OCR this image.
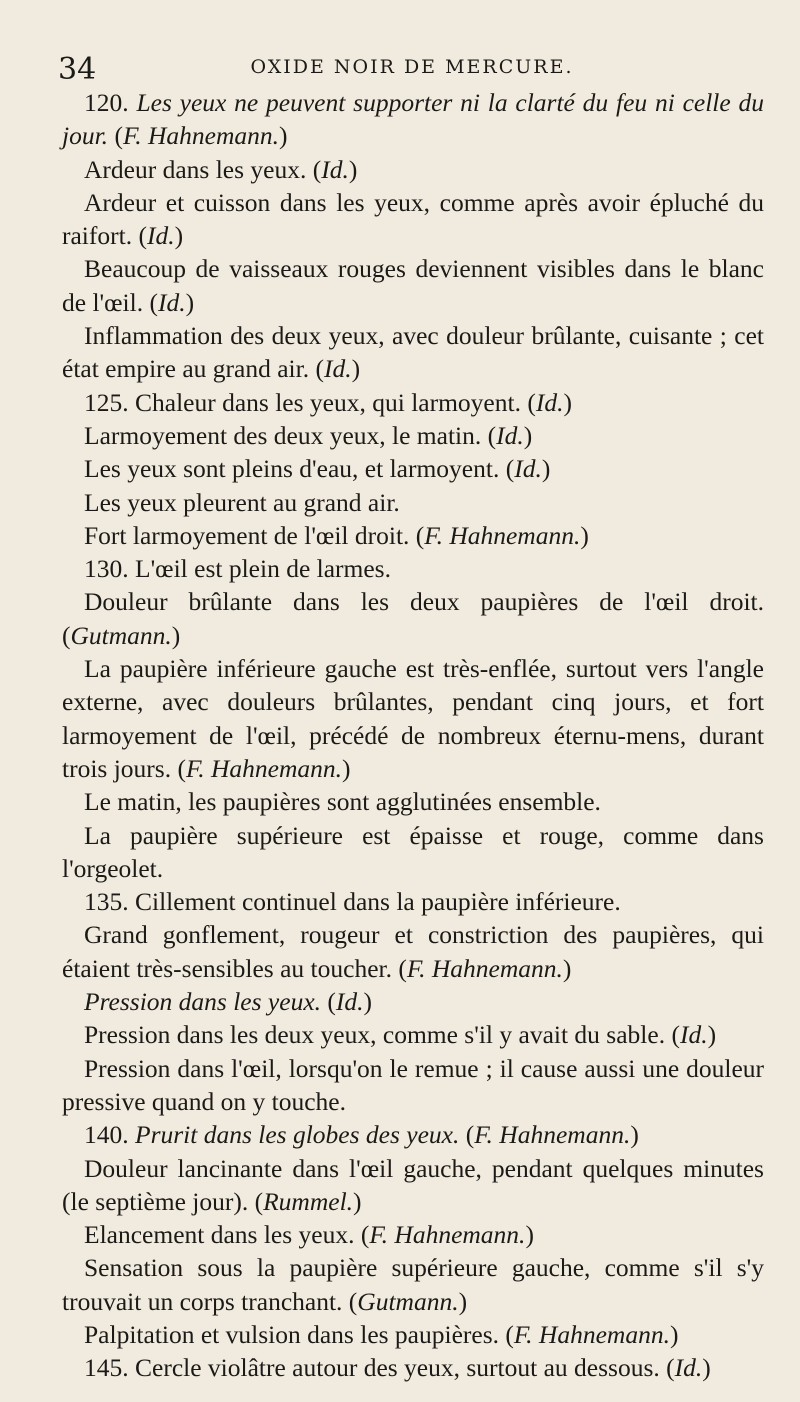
34	OXIDE NOIR DE MERCURE.

120. Les yeux ne peuvent supporter ni la clarté du feu ni celle du jour. (F. Hahnemann.)

Ardeur dans les yeux. (Id.)

Ardeur et cuisson dans les yeux, comme après avoir épluché du raifort. (Id.)

Beaucoup de vaisseaux rouges deviennent visibles dans le blanc de l'œil. (Id.)

Inflammation des deux yeux, avec douleur brûlante, cuisante ; cet état empire au grand air. (Id.)

125. Chaleur dans les yeux, qui larmoyent. (Id.)

Larmoyement des deux yeux, le matin. (Id.)

Les yeux sont pleins d'eau, et larmoyent. (Id.)

Les yeux pleurent au grand air.

Fort larmoyement de l'œil droit. (F. Hahnemann.)

130. L'œil est plein de larmes.

Douleur brûlante dans les deux paupières de l'œil droit. (Gutmann.)

La paupière inférieure gauche est très-enflée, surtout vers l'angle externe, avec douleurs brûlantes, pendant cinq jours, et fort larmoyement de l'œil, précédé de nombreux éternu-mens, durant trois jours. (F. Hahnemann.)

Le matin, les paupières sont agglutinées ensemble.

La paupière supérieure est épaisse et rouge, comme dans l'orgeolet.

135. Cillement continuel dans la paupière inférieure.

Grand gonflement, rougeur et constriction des paupières, qui étaient très-sensibles au toucher. (F. Hahnemann.)

Pression dans les yeux. (Id.)

Pression dans les deux yeux, comme s'il y avait du sable. (Id.)

Pression dans l'œil, lorsqu'on le remue ; il cause aussi une douleur pressive quand on y touche.

140. Prurit dans les globes des yeux. (F. Hahnemann.)

Douleur lancinante dans l'œil gauche, pendant quelques minutes (le septième jour). (Rummel.)

Elancement dans les yeux. (F. Hahnemann.)

Sensation sous la paupière supérieure gauche, comme s'il s'y trouvait un corps tranchant. (Gutmann.)

Palpitation et vulsion dans les paupières. (F. Hahnemann.)

145. Cercle violâtre autour des yeux, surtout au dessous. (Id.)
